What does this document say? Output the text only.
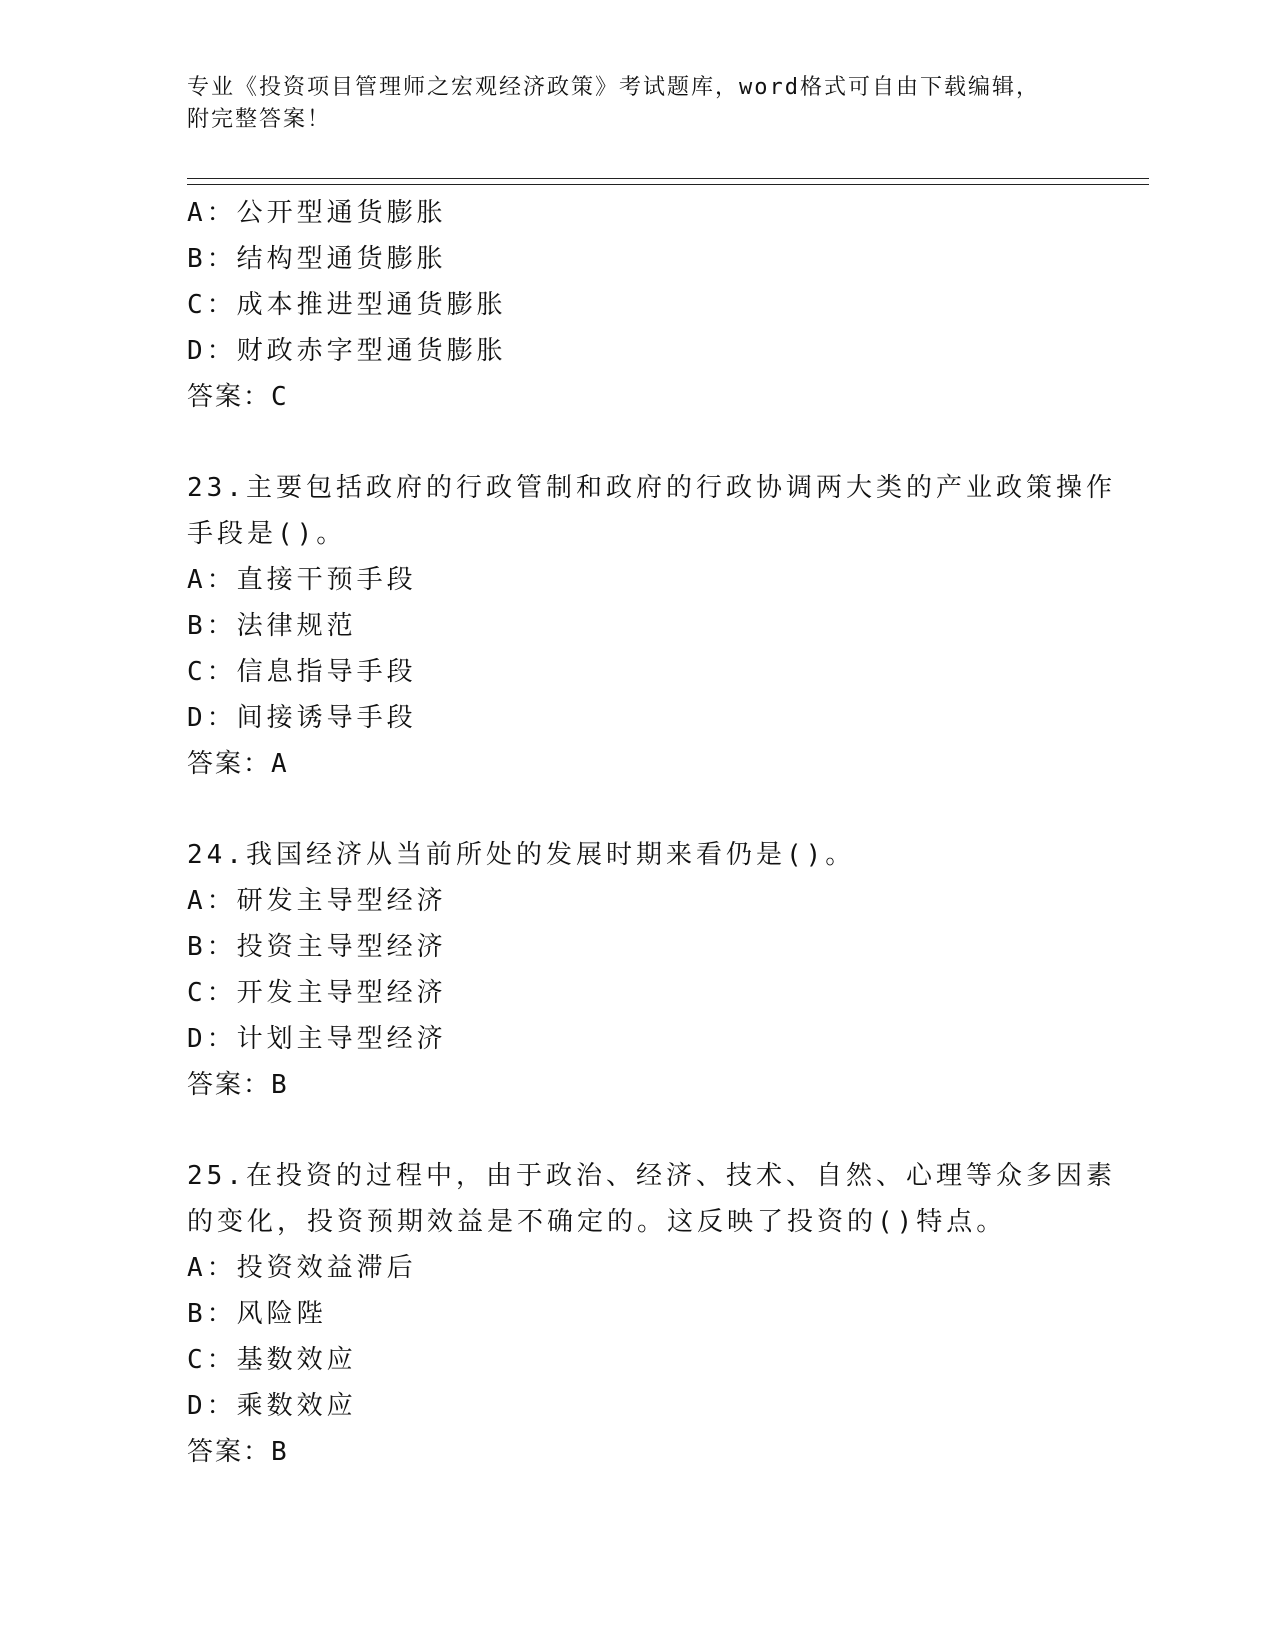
专业《投资项目管理师之宏观经济政策》考试题库，word格式可自由下载编辑，
附完整答案！
A：公开型通货膨胀
B：结构型通货膨胀
C：成本推进型通货膨胀
D：财政赤字型通货膨胀
答案：C
23.主要包括政府的行政管制和政府的行政协调两大类的产业政策操作
手段是()。
A：直接干预手段
B：法律规范
C：信息指导手段
D：间接诱导手段
答案：A
24.我国经济从当前所处的发展时期来看仍是()。
A：研发主导型经济
B：投资主导型经济
C：开发主导型经济
D：计划主导型经济
答案：B
25.在投资的过程中，由于政治、经济、技术、自然、心理等众多因素
的变化，投资预期效益是不确定的。这反映了投资的()特点。
A：投资效益滞后
B：风险陛
C：基数效应
D：乘数效应
答案：B
